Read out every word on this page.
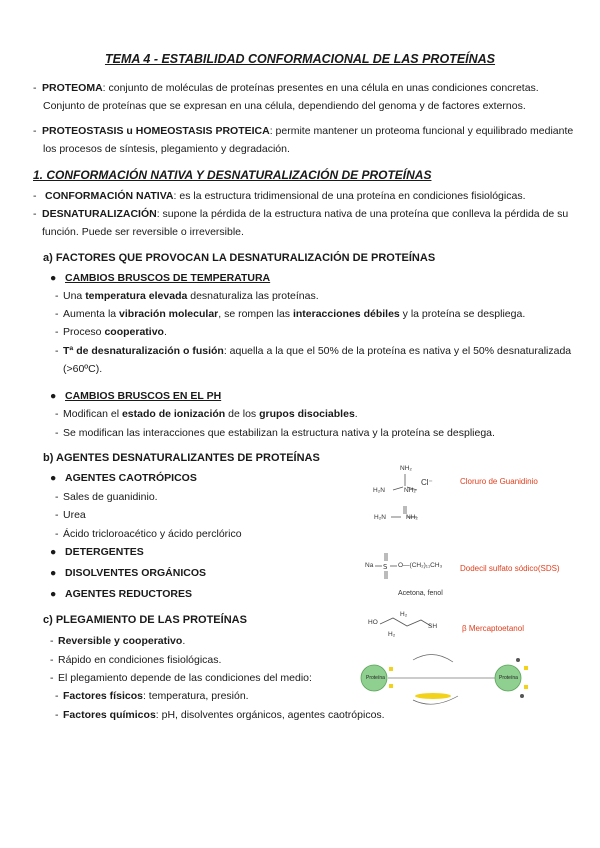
TEMA 4 - ESTABILIDAD CONFORMACIONAL DE LAS PROTEÍNAS
- PROTEOMA: conjunto de moléculas de proteínas presentes en una célula en unas condiciones concretas.
Conjunto de proteínas que se expresan en una célula, dependiendo del genoma y de factores externos.
- PROTEOSTASIS u HOMEOSTASIS PROTEICA: permite mantener un proteoma funcional y equilibrado mediante
los procesos de síntesis, plegamiento y degradación.
1. CONFORMACIÓN NATIVA Y DESNATURALIZACIÓN DE PROTEÍNAS
- CONFORMACIÓN NATIVA: es la estructura tridimensional de una proteína en condiciones fisiológicas.
- DESNATURALIZACIÓN: supone la pérdida de la estructura nativa de una proteína que conlleva la pérdida de su
función. Puede ser reversible o irreversible.
a) FACTORES QUE PROVOCAN LA DESNATURALIZACIÓN DE PROTEÍNAS
● CAMBIOS BRUSCOS DE TEMPERATURA
- Una temperatura elevada desnaturaliza las proteínas.
- Aumenta la vibración molecular, se rompen las interacciones débiles y la proteína se despliega.
- Proceso cooperativo.
- Tª de desnaturalización o fusión: aquella a la que el 50% de la proteína es nativa y el 50% desnaturalizada
(>60ºC).
● CAMBIOS BRUSCOS EN EL PH
- Modifican el estado de ionización de los grupos disociables.
- Se modifican las interacciones que estabilizan la estructura nativa y la proteína se despliega.
b) AGENTES DESNATURALIZANTES DE PROTEÍNAS
● AGENTES CAOTRÓPICOS
- Sales de guanidinio.
- Urea
- Ácido tricloroacético y ácido perclórico
● DETERGENTES
● DISOLVENTES ORGÁNICOS
● AGENTES REDUCTORES
NH₂
Cl⁻
H₂N	NH₂
H₂N	NH₂
Cloruro de Guanidinio
S
Na	O—(CH₂)₁₁CH₃ Dodecil sulfato sódico(SDS)
Acetona, fenol
c) PLEGAMIENTO DE LAS PROTEÍNAS
- Reversible y cooperativo.
- Rápido en condiciones fisiológicas.
- El plegamiento depende de las condiciones del medio:
- Factores físicos: temperatura, presión.
- Factores químicos: pH, disolventes orgánicos, agentes caotrópicos.
HO
SH
H₂
H₂
β Mercaptoetanol
Proteína	Proteína
